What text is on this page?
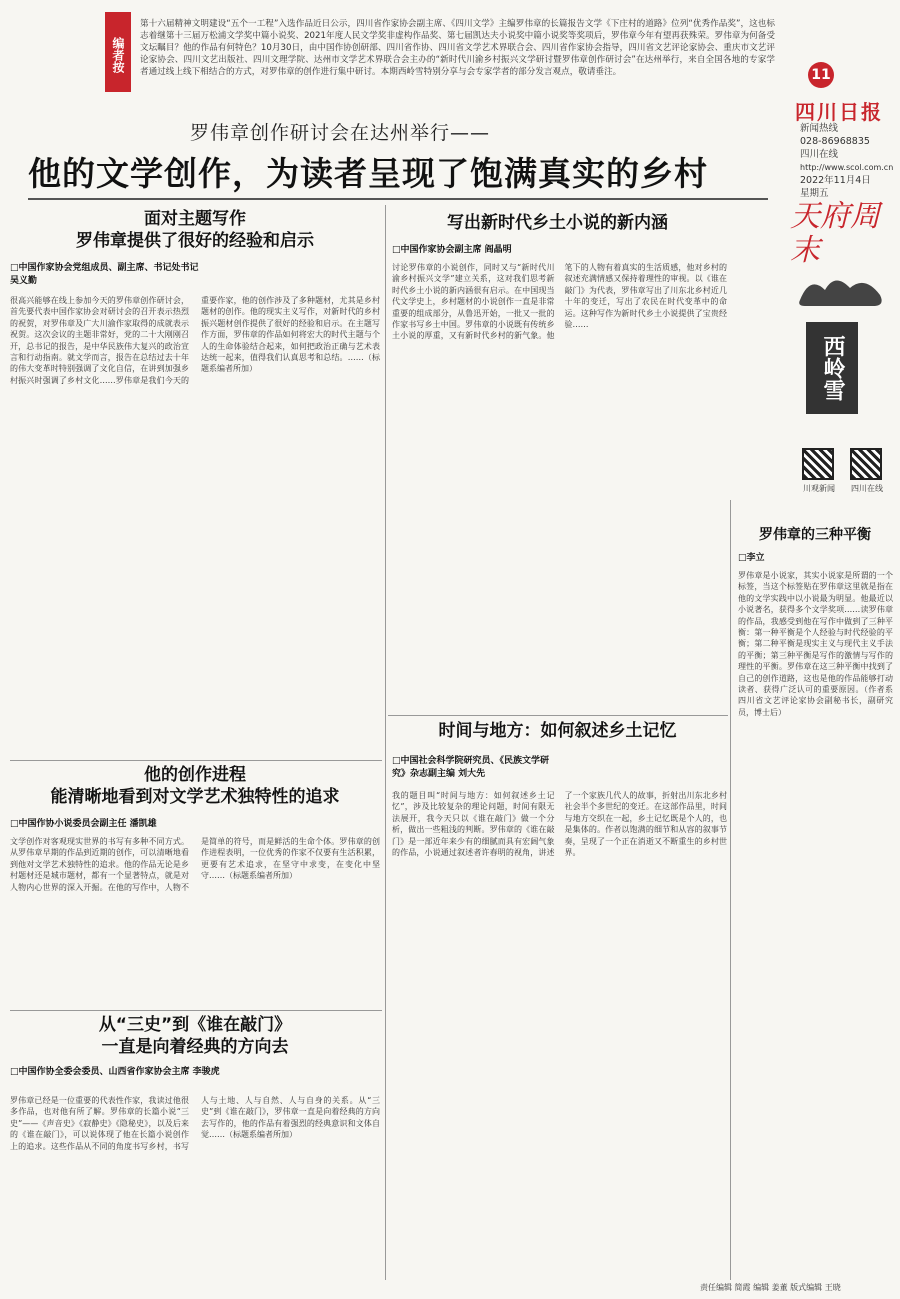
编者按
第十六届精神文明建设“五个一工程”入选作品近日公示，四川省作家协会副主席、《四川文学》主编罗伟章的长篇报告文学《下庄村的道路》位列“优秀作品奖”，这也标志着继第十三届万松浦文学奖中篇小说奖、2021年度人民文学奖非虚构作品奖、第七届凯达夫小说奖中篇小说奖等奖项后，罗伟章今年有望再获殊荣。罗伟章为何备受文坛瞩目？他的作品有何特色？10月30日，由中国作协创研部、四川省作协、四川省文学艺术界联合会、四川省作家协会指导，四川省文艺评论家协会、重庆市文艺评论家协会、四川文艺出版社、四川文理学院、达州市文学艺术界联合会主办的“新时代川渝乡村振兴文学研讨暨罗伟章创作研讨会”在达州举行，来自全国各地的专家学者通过线上线下相结合的方式，对罗伟章的创作进行集中研讨。本期西岭雪特别分享与会专家学者的部分发言观点，敬请垂注。
罗伟章创作研讨会在达州举行——
他的文学创作，为读者呈现了饱满真实的乡村
11
四川日报
新闻热线
028-86968835
四川在线
http://www.scol.com.cn
2022年11月4日
星期五
天府周末
西岭雪
川观新闻	四川在线
面对主题写作
罗伟章提供了很好的经验和启示
□中国作家协会党组成员、副主席、书记处书记 吴义勤
很高兴能够在线上参加今天的罗伟章创作研讨会，首先要代表中国作家协会对研讨会的召开表示热烈的祝贺，对罗伟章及广大川渝作家取得的成就表示祝贺。这次会议的主题非常好，党的二十大刚刚召开，总书记的报告，是中华民族伟大复兴的政治宣言和行动指南。就文学而言，报告在总结过去十年的伟大变革时特别强调了文化自信，在讲到加强乡村振兴时强调了乡村文化……罗伟章是我们今天的重要作家，他的创作涉及了多种题材，尤其是乡村题材的创作。他的现实主义写作，对新时代的乡村振兴题材创作提供了很好的经验和启示。在主题写作方面，罗伟章的作品如何将宏大的时代主题与个人的生命体验结合起来，如何把政治正确与艺术表达统一起来，值得我们认真思考和总结。……（标题系编者所加）
写出新时代乡土小说的新内涵
□中国作家协会副主席 阎晶明
讨论罗伟章的小说创作，同时又与“新时代川渝乡村振兴文学”建立关系，这对我们思考新时代乡土小说的新内涵很有启示。在中国现当代文学史上，乡村题材的小说创作一直是非常重要的组成部分，从鲁迅开始，一批又一批的作家书写乡土中国。罗伟章的小说既有传统乡土小说的厚重，又有新时代乡村的新气象。他笔下的人物有着真实的生活质感，他对乡村的叙述充满情感又保持着理性的审视。以《谁在敲门》为代表，罗伟章写出了川东北乡村近几十年的变迁，写出了农民在时代变革中的命运。这种写作为新时代乡土小说提供了宝贵经验……
他的创作进程
能清晰地看到对文学艺术独特性的追求
□中国作协小说委员会副主任 潘凯雄
文学创作对客观现实世界的书写有多种不同方式。从罗伟章早期的作品到近期的创作，可以清晰地看到他对文学艺术独特性的追求。他的作品无论是乡村题材还是城市题材，都有一个显著特点，就是对人物内心世界的深入开掘。在他的写作中，人物不是简单的符号，而是鲜活的生命个体。罗伟章的创作进程表明，一位优秀的作家不仅要有生活积累，更要有艺术追求，在坚守中求变，在变化中坚守……（标题系编者所加）
时间与地方：如何叙述乡土记忆
□中国社会科学院研究员、《民族文学研究》杂志副主编 刘大先
我的题目叫“时间与地方：如何叙述乡土记忆”，涉及比较复杂的理论问题，时间有限无法展开，我今天只以《谁在敲门》做一个分析，做出一些粗浅的判断。罗伟章的《谁在敲门》是一部近年来少有的细腻而具有宏阔气象的作品，小说通过叙述者许春明的视角，讲述了一个家族几代人的故事，折射出川东北乡村社会半个多世纪的变迁。在这部作品里，时间与地方交织在一起，乡土记忆既是个人的，也是集体的。作者以饱满的细节和从容的叙事节奏，呈现了一个正在消逝又不断重生的乡村世界。
从“三史”到《谁在敲门》
一直是向着经典的方向去
□中国作协全委会委员、山西省作家协会主席 李骏虎
罗伟章已经是一位重要的代表性作家，我读过他很多作品，也对他有所了解。罗伟章的长篇小说“三史”——《声音史》《寂静史》《隐秘史》，以及后来的《谁在敲门》，可以说体现了他在长篇小说创作上的追求。这些作品从不同的角度书写乡村，书写人与土地、人与自然、人与自身的关系。从“三史”到《谁在敲门》，罗伟章一直是向着经典的方向去写作的，他的作品有着强烈的经典意识和文体自觉……（标题系编者所加）
罗伟章的三种平衡
□李立
罗伟章是小说家，其实小说家是所谓的一个标签，当这个标签贴在罗伟章这里就是指在他的文学实践中以小说最为明显。他最近以小说著名，获得多个文学奖项……读罗伟章的作品，我感受到他在写作中做到了三种平衡：第一种平衡是个人经验与时代经验的平衡；第二种平衡是现实主义与现代主义手法的平衡；第三种平衡是写作的激情与写作的理性的平衡。罗伟章在这三种平衡中找到了自己的创作道路，这也是他的作品能够打动读者、获得广泛认可的重要原因。（作者系四川省文艺评论家协会副秘书长，副研究员，博士后）
责任编辑 简霞 编辑 姜董 版式编辑 王晓
